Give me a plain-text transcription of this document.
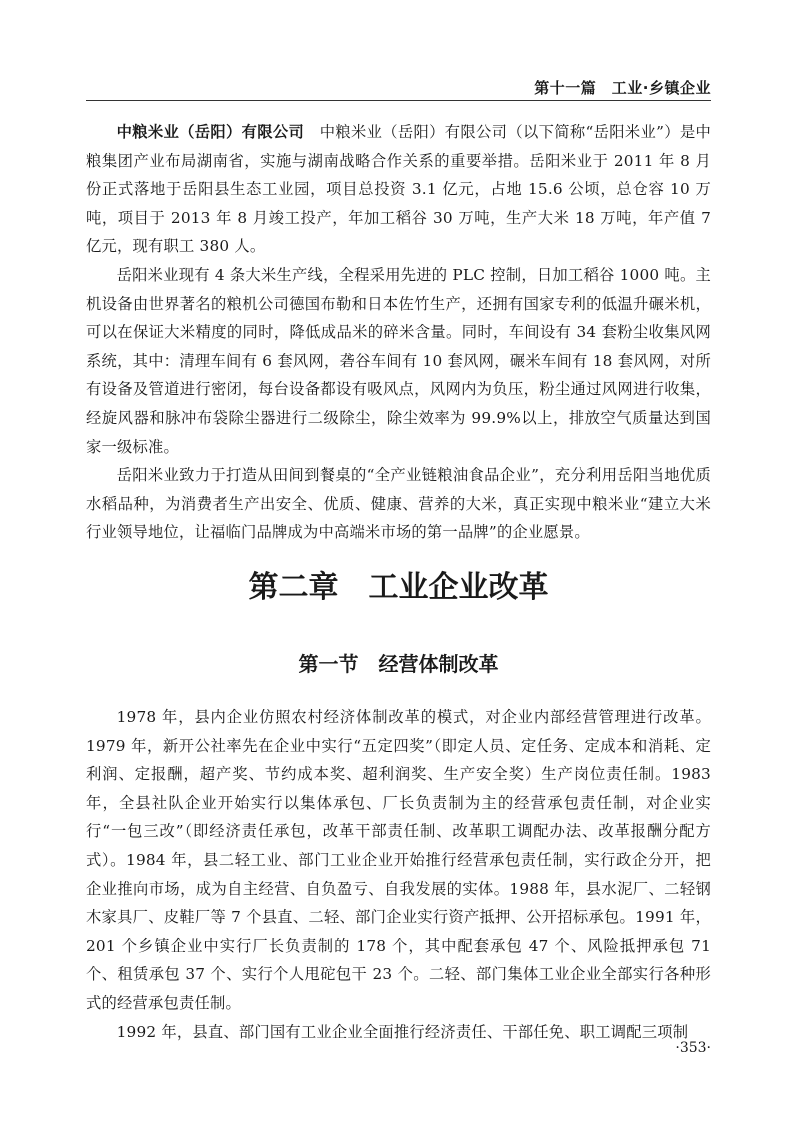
第十一篇　工业·乡镇企业

中粮米业（岳阳）有限公司　 中粮米业（岳阳）有限公司（以下简称“岳阳米业”）是中粮集团产业布局湖南省，实施与湖南战略合作关系的重要举措。岳阳米业于 2011 年 8 月份正式落地于岳阳县生态工业园，项目总投资 3.1 亿元，占地 15.6 公顷，总仓容 10 万吨，项目于 2013 年 8 月竣工投产，年加工稻谷 30 万吨，生产大米 18 万吨，年产值 7 亿元，现有职工 380 人。

岳阳米业现有 4 条大米生产线，全程采用先进的 PLC 控制，日加工稻谷 1000 吨。主机设备由世界著名的粮机公司德国布勒和日本佐竹生产，还拥有国家专利的低温升碾米机，可以在保证大米精度的同时，降低成品米的碎米含量。同时，车间设有 34 套粉尘收集风网系统，其中：清理车间有 6 套风网，砻谷车间有 10 套风网，碾米车间有 18 套风网，对所有设备及管道进行密闭，每台设备都设有吸风点，风网内为负压，粉尘通过风网进行收集，经旋风器和脉冲布袋除尘器进行二级除尘，除尘效率为 99.9%以上，排放空气质量达到国家一级标准。

岳阳米业致力于打造从田间到餐桌的“全产业链粮油食品企业”，充分利用岳阳当地优质水稻品种，为消费者生产出安全、优质、健康、营养的大米，真正实现中粮米业“建立大米行业领导地位，让福临门品牌成为中高端米市场的第一品牌”的企业愿景。

第二章　工业企业改革
第一节　经营体制改革

1978 年，县内企业仿照农村经济体制改革的模式，对企业内部经营管理进行改革。1979 年，新开公社率先在企业中实行“五定四奖”（即定人员、定任务、定成本和消耗、定利润、定报酬，超产奖、节约成本奖、超利润奖、生产安全奖）生产岗位责任制。1983 年，全县社队企业开始实行以集体承包、厂长负责制为主的经营承包责任制，对企业实行“一包三改”（即经济责任承包，改革干部责任制、改革职工调配办法、改革报酬分配方式）。1984 年，县二轻工业、部门工业企业开始推行经营承包责任制，实行政企分开，把企业推向市场，成为自主经营、自负盈亏、自我发展的实体。1988 年，县水泥厂、二轻钢木家具厂、皮鞋厂等 7 个县直、二轻、部门企业实行资产抵押、公开招标承包。1991 年，201 个乡镇企业中实行厂长负责制的 178 个，其中配套承包 47 个、风险抵押承包 71 个、租赁承包 37 个、实行个人甩砣包干 23 个。二轻、部门集体工业企业全部实行各种形式的经营承包责任制。

1992 年，县直、部门国有工业企业全面推行经济责任、干部任免、职工调配三项制

·353·
